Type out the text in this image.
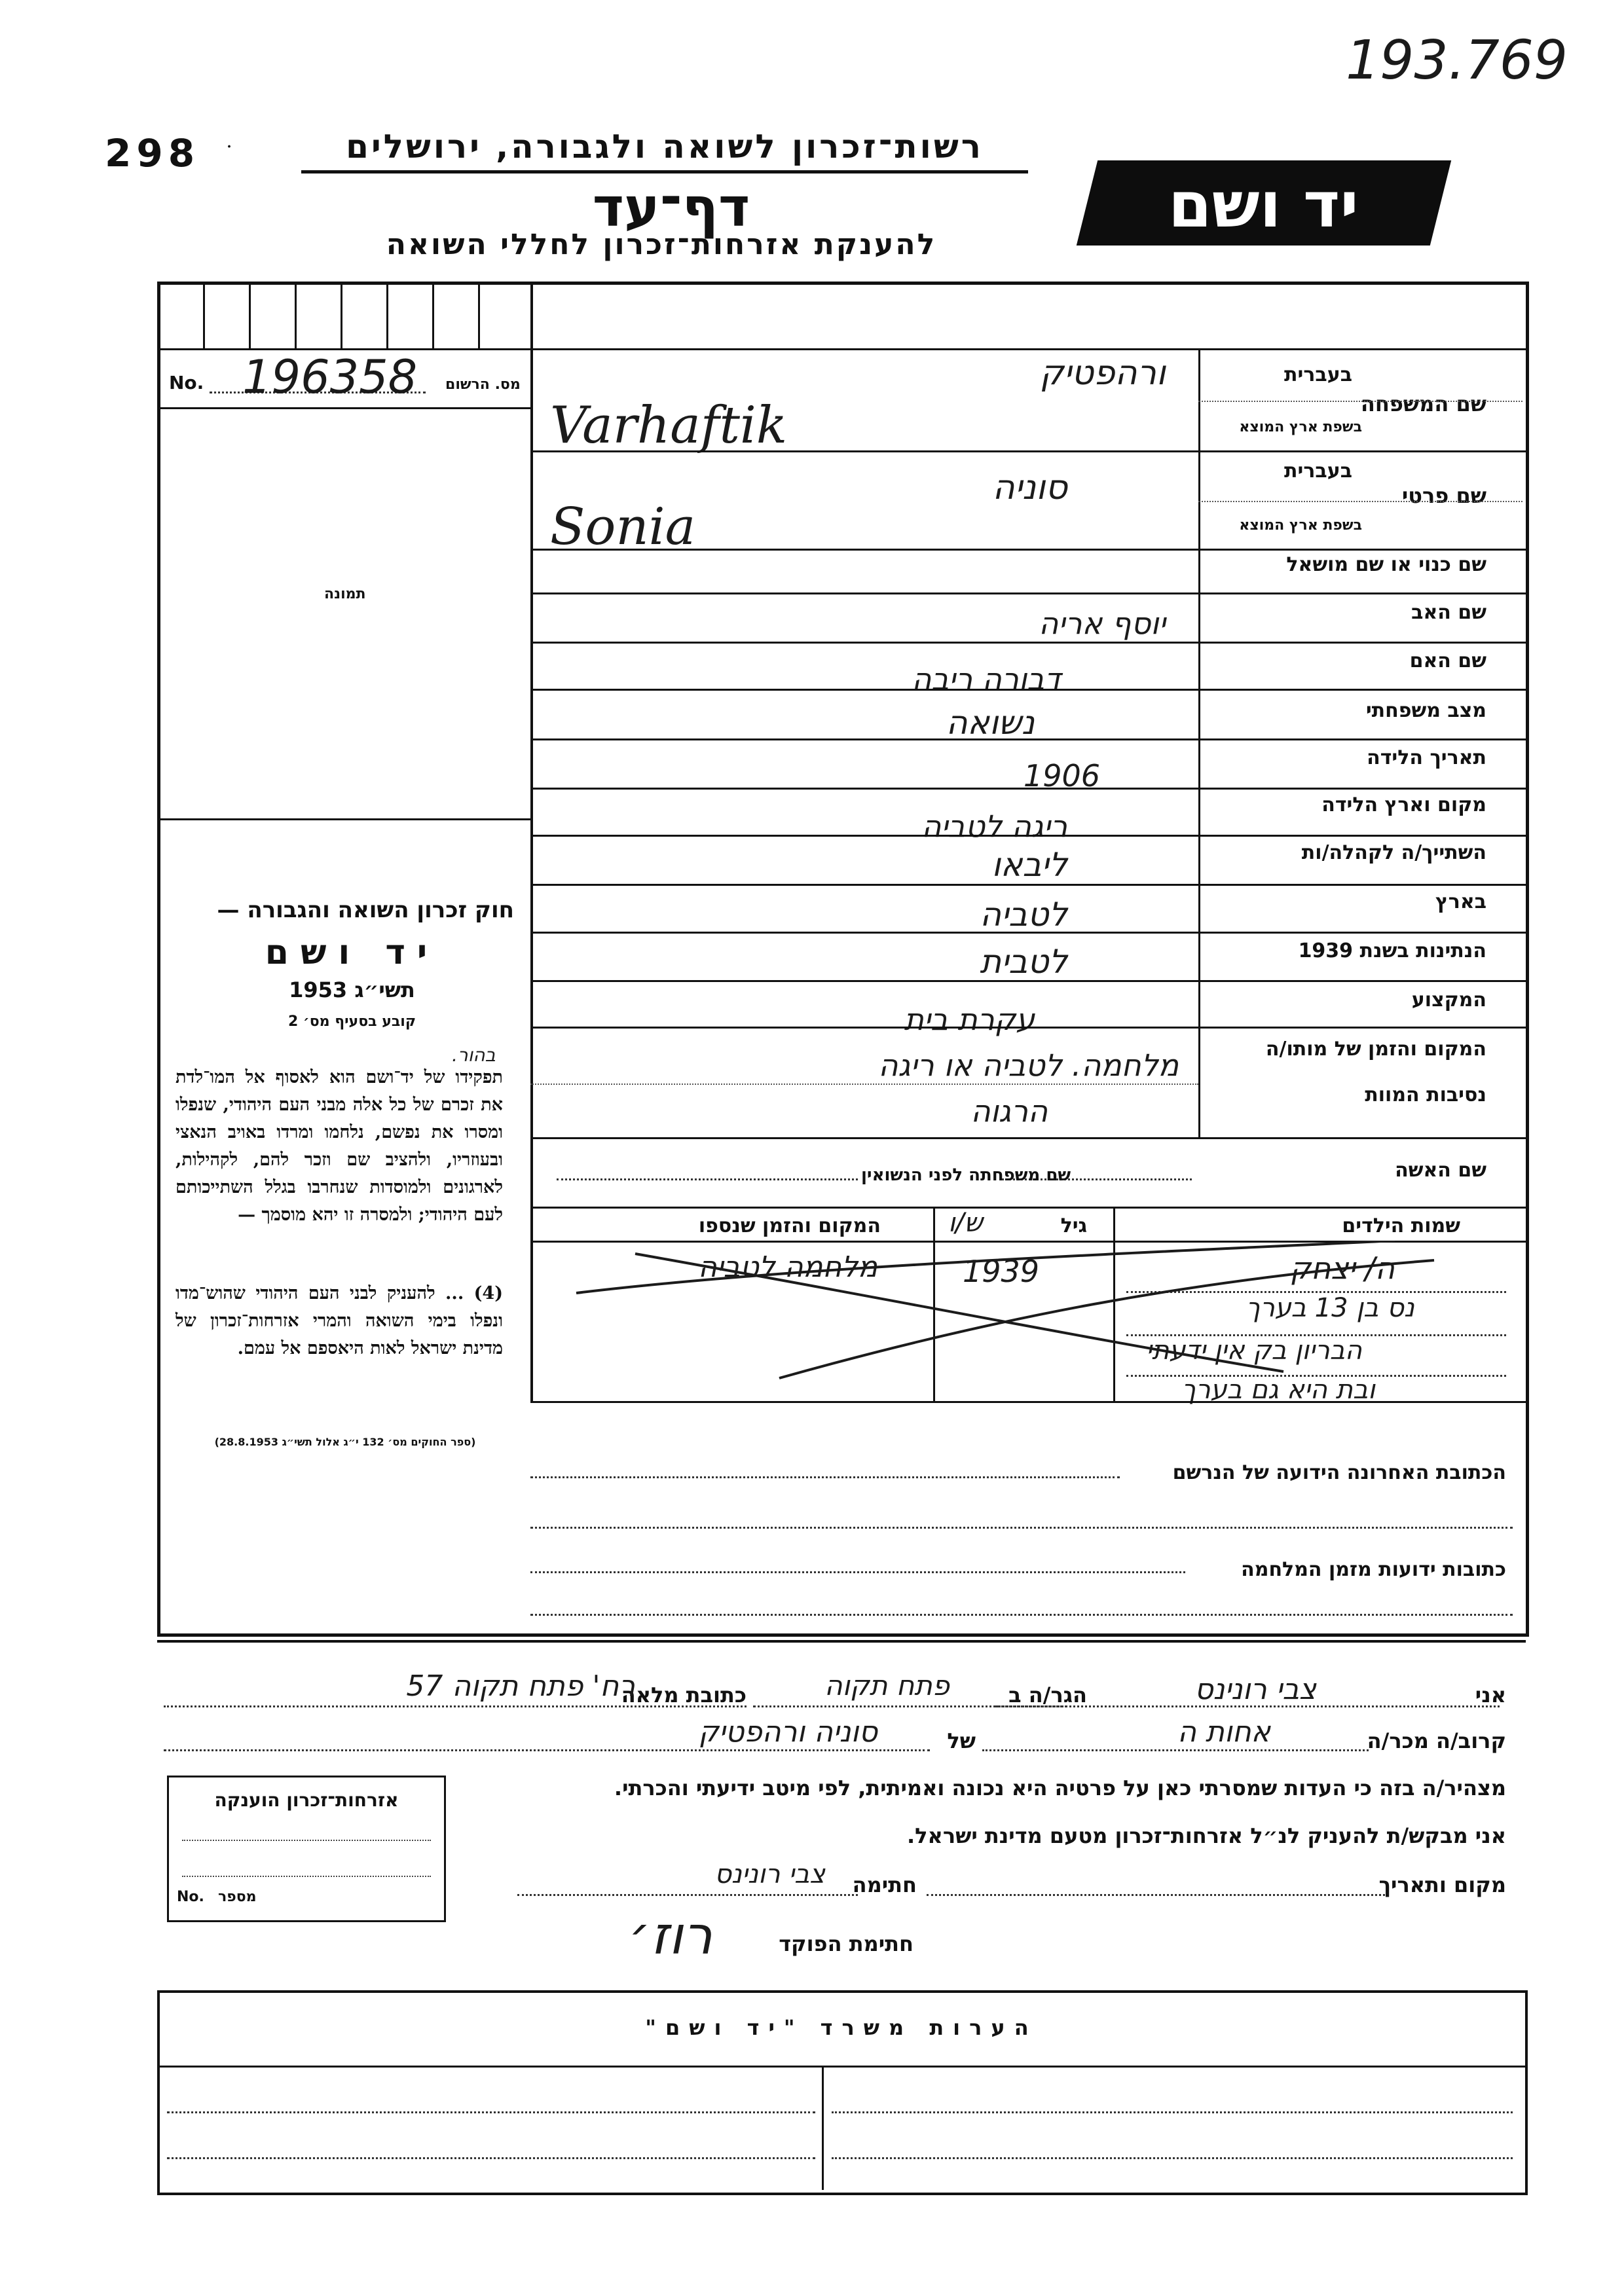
193.769
298	רשות־זכרון לשואה ולגבורה, ירושלים
דף־עד
להענקת אזרחות־זכרון לחללי השואה
יד ושם
No. 196358 מס. הרשום
תמונה
חוק זכרון השואה והגבורה —
יד ושם
תשי״ג 1953
קובע בסעיף מס׳ 2
בהור.
תפקידו של יד־ושם הוא לאסוף אל המו־לדת את זכרם של כל אלה מבני העם היהודי, שנפלו ומסרו את נפשם, נלחמו ומרדו באויב הנאצי ובעוזריו, ולהציב שם וזכר להם, לקהילות, לארגונים ולמוסדות שנחרבו בגלל השתייכותם לעם היהודי; ולמסרה זו יהא מוסמך —
(4) ... להעניק לבני העם היהודי שהוש־מדו ונפלו בימי השואה והמרי אזרחות־זכרון של מדינת ישראל לאות היאספם אל עמם.
(ספר החוקים מס׳ 132 י״ג אלול תשי״ג 28.8.1953)
שם המשפחה
בעברית
בשפת ארץ המוצא
ורהפטיק
Varhaftik
שם פרטי
בעברית
בשפת ארץ המוצא
סוניה
Sonia
שם כנוי או שם מושאל
שם האב
יוסף אריה
שם האם
דבורה ריבה
מצב משפחתי
נשואה
תאריך הלידה
1906
מקום וארץ הלידה
ריגה לטביה
השתייך/ה לקהלה/ות
ליבאו
בארץ
לטביה
הנתינות בשנת 1939
לטבית
המקצוע
עקרת בית
המקום והזמן של מותו/ה
מלחמה. לטביה או ריגה
נסיבות המוות
הרגוה
שם האשה
שם משפחתה לפני הנשואין
שמות הילדים
גיל
ש/ו
המקום והזמן שנספו
ה/ יצחק
נס בן 13 בערך
הבריון בק אין ידעתי
ובת היא גם בערך
1939
מלחמה לטביה
הכתובת האחרונה הידועה של הנרשם
כתובות ידועות מזמן המלחמה
אני
צבי רונינס
הגר/ה ב
פתח תקוה
כתובת מלאה
רח' פתח תקוה 57
קרוב/ה מכר/ה
אחות ה
של
סוניה ורהפטיק
מצהיר/ה בזה כי העדות שמסרתי כאן על פרטיה היא נכונה ואמיתית, לפי מיטב ידיעתי והכרתי.
אני מבקש/ת להעניק לנ״ל אזרחות־זכרון מטעם מדינת ישראל.
מקום ותאריך
חתימה
צבי רונינס
חתימת הפוקד
רוז׳
אזרחות־זכרון הוענקה
No. מספר
הערות משרד "יד ושם"
